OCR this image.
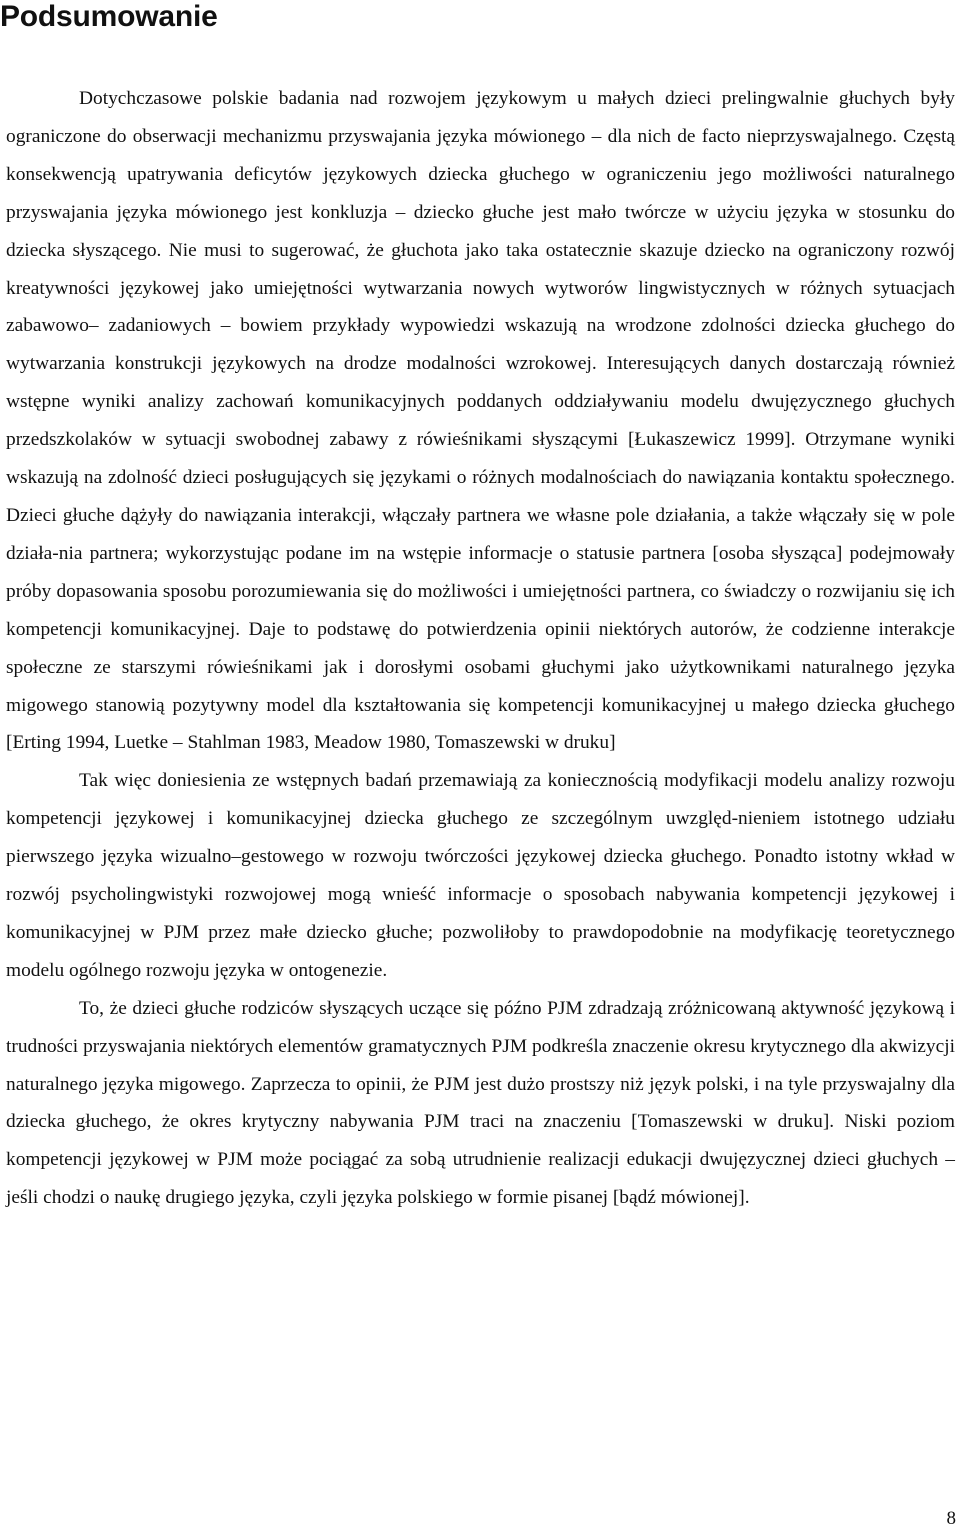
Podsumowanie

Dotychczasowe polskie badania nad rozwojem językowym u małych dzieci prelingwalnie głuchych były ograniczone do obserwacji mechanizmu przyswajania języka mówionego – dla nich de facto nieprzyswajalnego. Częstą konsekwencją upatrywania deficytów językowych dziecka głuchego w ograniczeniu jego możliwości naturalnego przyswajania języka mówionego jest konkluzja – dziecko głuche jest mało twórcze w użyciu języka w stosunku do dziecka słyszącego. Nie musi to sugerować, że głuchota jako taka ostatecznie skazuje dziecko na ograniczony rozwój kreatywności językowej jako umiejętności wytwarzania nowych wytworów lingwistycznych w różnych sytuacjach zabawowo– zadaniowych – bowiem przykłady wypowiedzi wskazują na wrodzone zdolności dziecka głuchego do wytwarzania konstrukcji językowych na drodze modalności wzrokowej. Interesujących danych dostarczają również wstępne wyniki analizy zachowań komunikacyjnych poddanych oddziaływaniu modelu dwujęzycznego głuchych przedszkolaków w sytuacji swobodnej zabawy z rówieśnikami słyszącymi [Łukaszewicz 1999]. Otrzymane wyniki wskazują na zdolność dzieci posługujących się językami o różnych modalnościach do nawiązania kontaktu społecznego. Dzieci głuche dążyły do nawiązania interakcji, włączały partnera we własne pole działania, a także włączały się w pole działa-nia partnera; wykorzystując podane im na wstępie informacje o statusie partnera [osoba słysząca] podejmowały próby dopasowania sposobu porozumiewania się do możliwości i umiejętności partnera, co świadczy o rozwijaniu się ich kompetencji komunikacyjnej. Daje to podstawę do potwierdzenia opinii niektórych autorów, że codzienne interakcje społeczne ze starszymi rówieśnikami jak i dorosłymi osobami głuchymi jako użytkownikami naturalnego języka migowego stanowią pozytywny model dla kształtowania się kompetencji komunikacyjnej u małego dziecka głuchego [Erting 1994, Luetke – Stahlman 1983, Meadow 1980, Tomaszewski w druku]

Tak więc doniesienia ze wstępnych badań przemawiają za koniecznością modyfikacji modelu analizy rozwoju kompetencji językowej i komunikacyjnej dziecka głuchego ze szczególnym uwzględ-nieniem istotnego udziału pierwszego języka wizualno–gestowego w rozwoju twórczości językowej dziecka głuchego. Ponadto istotny wkład w rozwój psycholingwistyki rozwojowej mogą wnieść informacje o sposobach nabywania kompetencji językowej i komunikacyjnej w PJM przez małe dziecko głuche; pozwoliłoby to prawdopodobnie na modyfikację teoretycznego modelu ogólnego rozwoju języka w ontogenezie.

To, że dzieci głuche rodziców słyszących uczące się późno PJM zdradzają zróżnicowaną aktywność językową i trudności przyswajania niektórych elementów gramatycznych PJM podkreśla znaczenie okresu krytycznego dla akwizycji naturalnego języka migowego. Zaprzecza to opinii, że PJM jest dużo prostszy niż język polski, i na tyle przyswajalny dla dziecka głuchego, że okres krytyczny nabywania PJM traci na znaczeniu [Tomaszewski w druku]. Niski poziom kompetencji językowej w PJM może pociągać za sobą utrudnienie realizacji edukacji dwujęzycznej dzieci głuchych – jeśli chodzi o naukę drugiego języka, czyli języka polskiego w formie pisanej [bądź mówionej].

8
